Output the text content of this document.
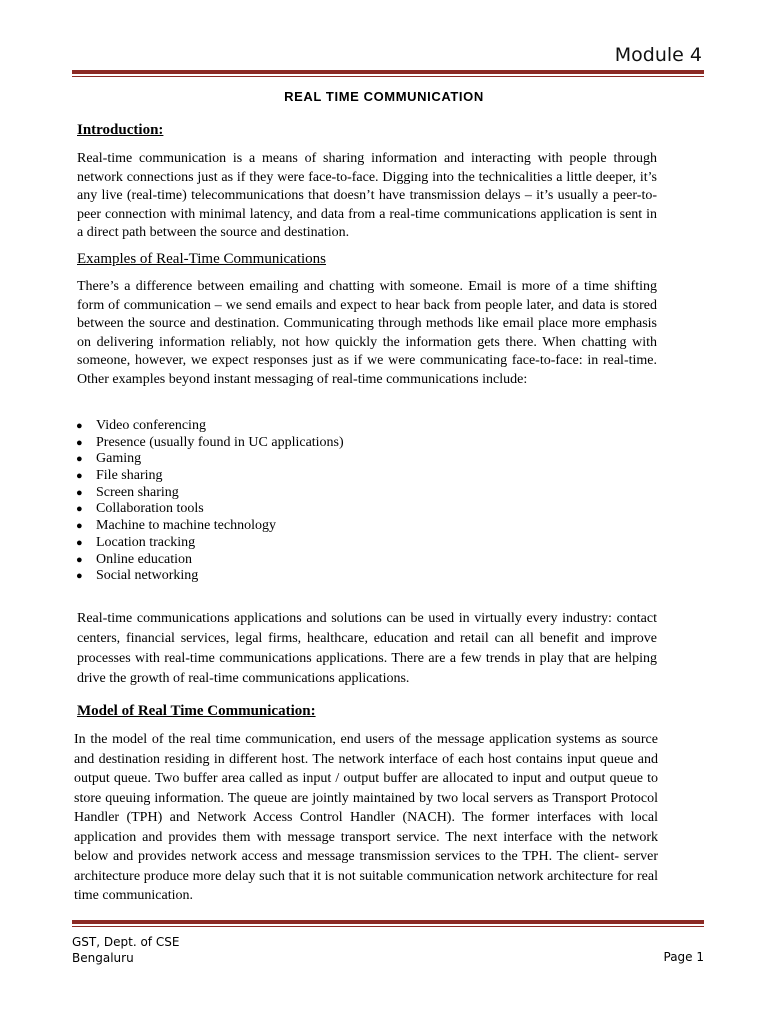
Module 4
REAL TIME COMMUNICATION
Introduction:
Real-time communication is a means of sharing information and interacting with people through network connections just as if they were face-to-face. Digging into the technicalities a little deeper, it’s any live (real-time) telecommunications that doesn’t have transmission delays – it’s usually a peer-to-peer connection with minimal latency, and data from a real-time communications application is sent in a direct path between the source and destination.
Examples of Real-Time Communications
There’s a difference between emailing and chatting with someone. Email is more of a time shifting form of communication – we send emails and expect to hear back from people later, and data is stored between the source and destination. Communicating through methods like email place more emphasis on delivering information reliably, not how quickly the information gets there. When chatting with someone, however, we expect responses just as if we were communicating face-to-face: in real-time. Other examples beyond instant messaging of real-time communications include:
● Video conferencing
● Presence (usually found in UC applications)
● Gaming
● File sharing
● Screen sharing
● Collaboration tools
● Machine to machine technology
● Location tracking
● Online education
● Social networking
Real-time communications applications and solutions can be used in virtually every industry: contact centers, financial services, legal firms, healthcare, education and retail can all benefit and improve processes with real-time communications applications. There are a few trends in play that are helping drive the growth of real-time communications applications.
Model of Real Time Communication:
In the model of the real time communication, end users of the message application systems as source and destination residing in different host. The network interface of each host contains input queue and output queue. Two buffer area called as input / output buffer are allocated to input and output queue to store queuing information. The queue are jointly maintained by two local servers as Transport Protocol Handler (TPH) and Network Access Control Handler (NACH). The former interfaces with local application and provides them with message transport service. The next interface with the network below and provides network access and message transmission services to the TPH. The client- server architecture produce more delay such that it is not suitable communication network architecture for real time communication.
GST, Dept. of CSE
Bengaluru	Page 1
